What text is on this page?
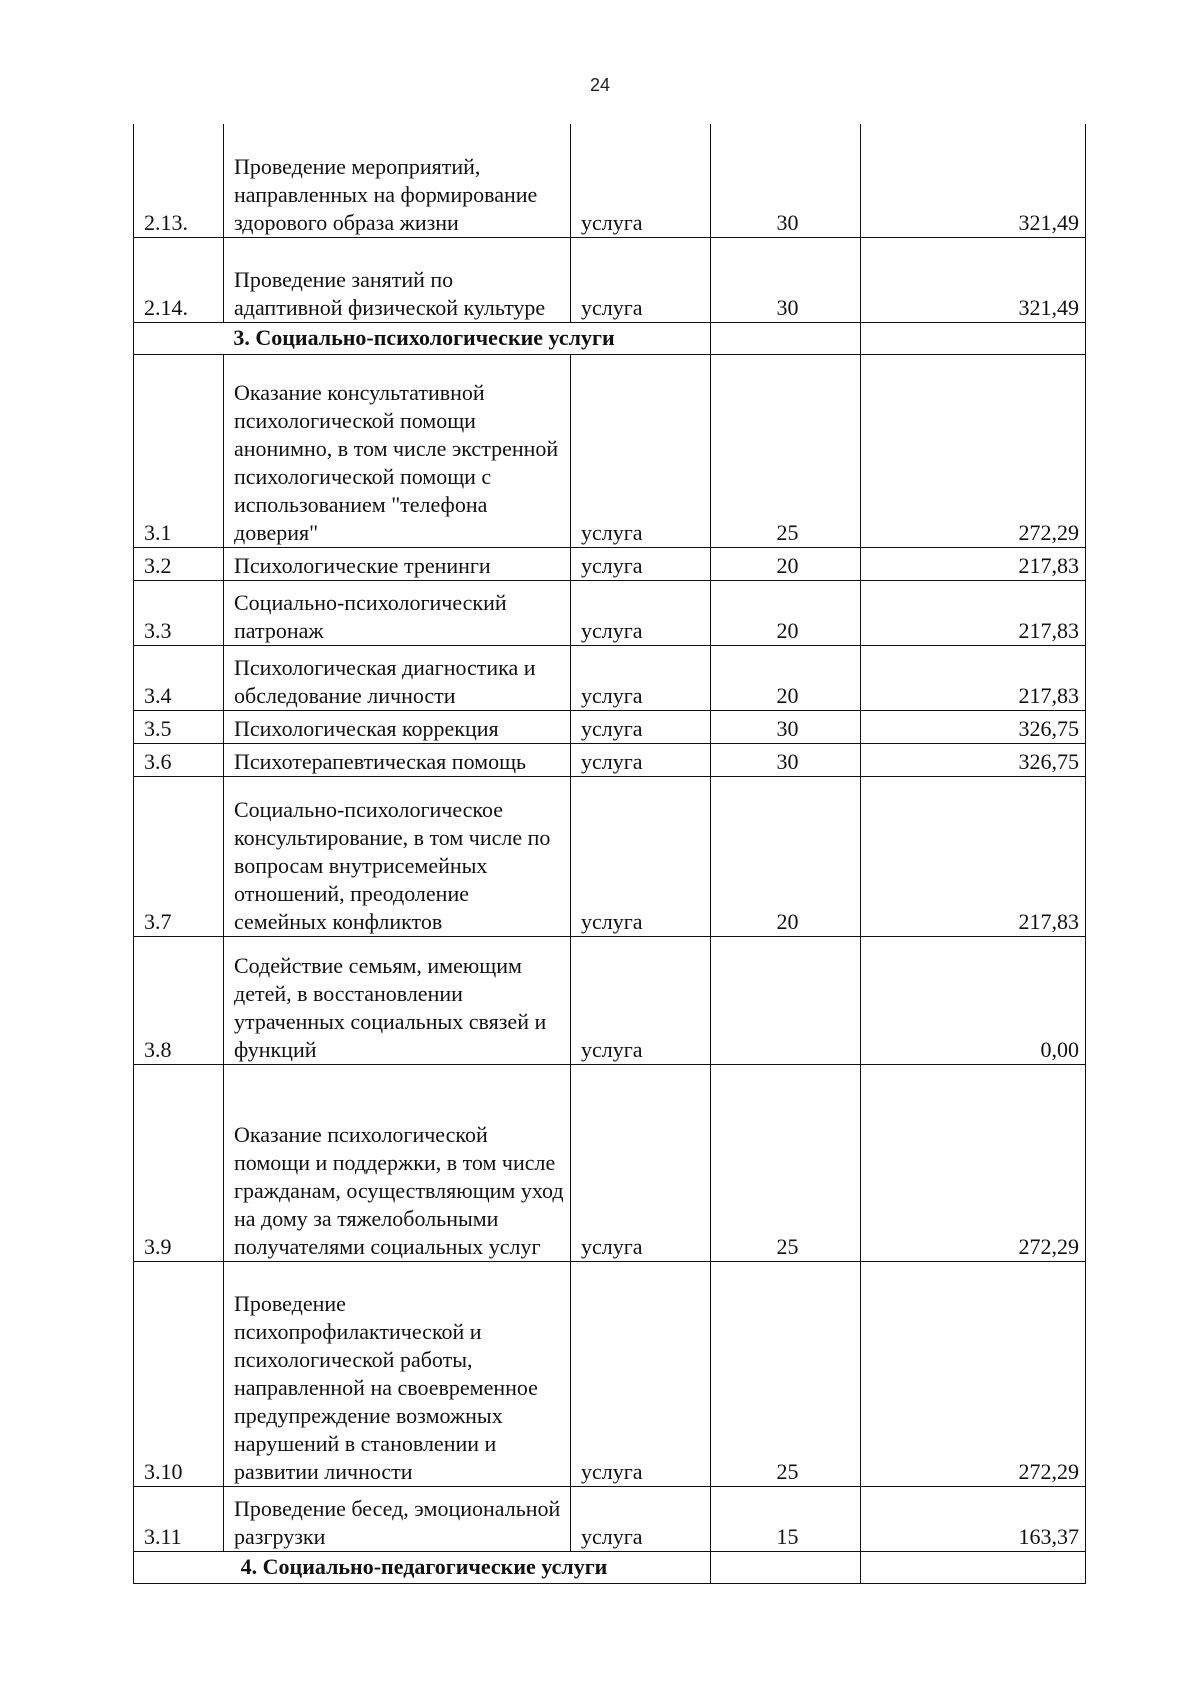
24
2.13.	Проведение мероприятий, направленных на формирование здорового образа жизни	услуга	30	321,49
2.14.	Проведение занятий по адаптивной физической культуре	услуга	30	321,49
3. Социально-психологические услуги				
3.1	Оказание консультативной психологической помощи анонимно, в том числе экстренной психологической помощи с использованием "телефона доверия"	услуга	25	272,29
3.2	Психологические тренинги	услуга	20	217,83
3.3	Социально-психологический патронаж	услуга	20	217,83
3.4	Психологическая диагностика и обследование личности	услуга	20	217,83
3.5	Психологическая коррекция	услуга	30	326,75
3.6	Психотерапевтическая помощь	услуга	30	326,75
3.7	Социально-психологическое консультирование, в том числе по вопросам внутрисемейных отношений, преодоление семейных конфликтов	услуга	20	217,83
3.8	Содействие семьям, имеющим детей, в восстановлении утраченных социальных связей и функций	услуга		0,00
3.9	Оказание психологической помощи и поддержки, в том числе гражданам, осуществляющим уход на дому за тяжелобольными получателями социальных услуг	услуга	25	272,29
3.10	Проведение психопрофилактической и психологической работы, направленной на своевременное предупреждение возможных нарушений в становлении и развитии личности	услуга	25	272,29
3.11	Проведение бесед, эмоциональной разгрузки	услуга	15	163,37
4. Социально-педагогические услуги				
